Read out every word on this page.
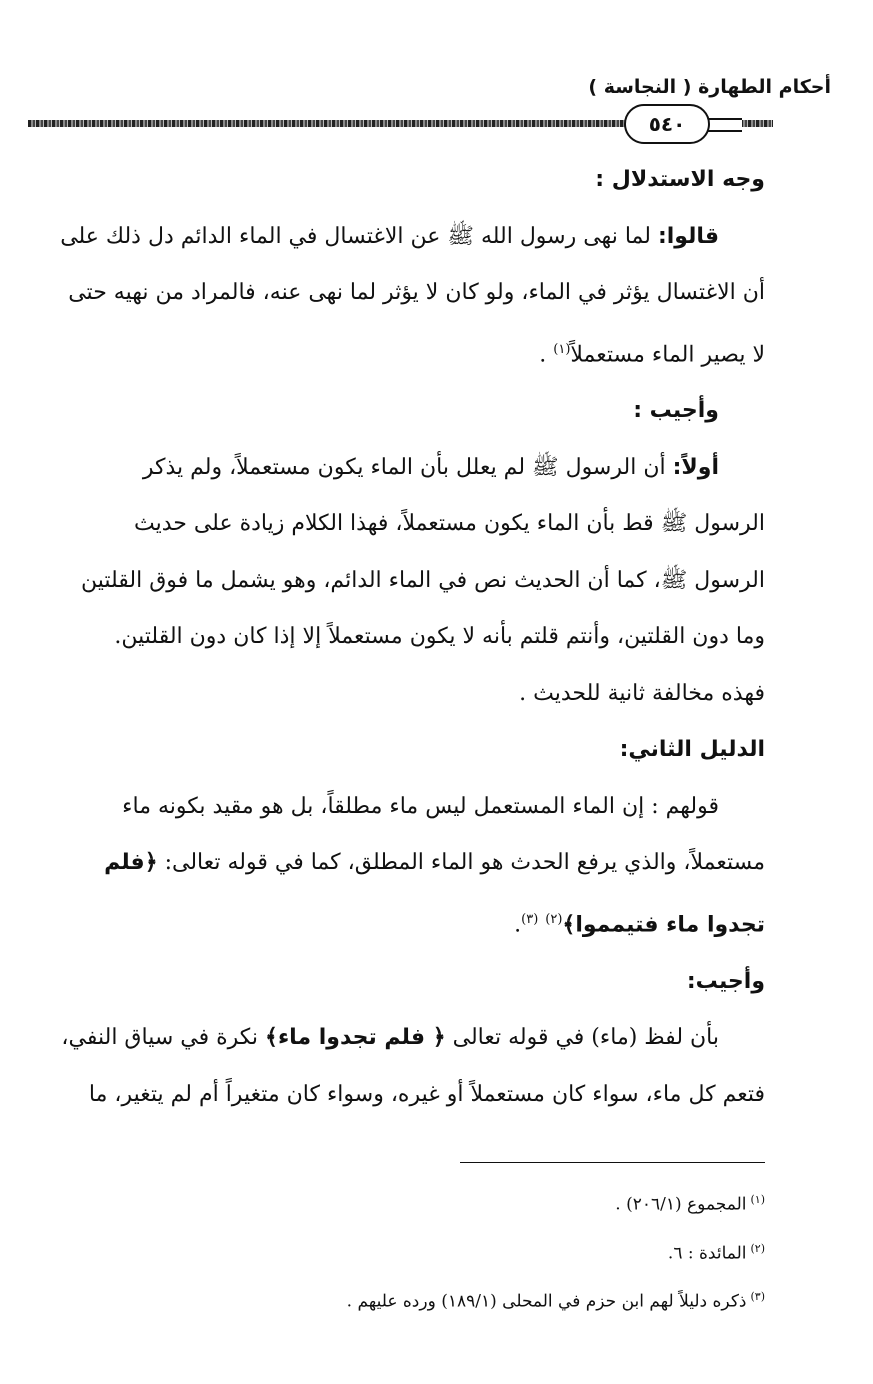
أحكام الطهارة ( النجاسة )
٥٤٠
وجه الاستدلال :
قالوا: لما نهى رسول الله ﷺ عن الاغتسال في الماء الدائم دل ذلك على
أن الاغتسال يؤثر في الماء، ولو كان لا يؤثر لما نهى عنه، فالمراد من نهيه حتى
لا يصير الماء مستعملاً$^{(١)}$ .
وأجيب :
أولاً: أن الرسول ﷺ لم يعلل بأن الماء يكون مستعملاً، ولم يذكر
الرسول ﷺ قط بأن الماء يكون مستعملاً، فهذا الكلام زيادة على حديث
الرسول ﷺ، كما أن الحديث نص في الماء الدائم، وهو يشمل ما فوق القلتين
وما دون القلتين، وأنتم قلتم بأنه لا يكون مستعملاً إلا إذا كان دون القلتين.
فهذه مخالفة ثانية للحديث .
الدليل الثاني:
قولهم : إن الماء المستعمل ليس ماء مطلقاً، بل هو مقيد بكونه ماء
مستعملاً، والذي يرفع الحدث هو الماء المطلق، كما في قوله تعالى: ﴿فلم
تجدوا ماء فتيمموا﴾$^{(٢)}$ $^{(٣)}$.
وأجيب:
بأن لفظ (ماء) في قوله تعالى ﴿ فلم تجدوا ماء﴾ نكرة في سياق النفي،
فتعم كل ماء، سواء كان مستعملاً أو غيره، وسواء كان متغيراً أم لم يتغير، ما
$^{(١)}$المجموع (٢٠٦/١) .
$^{(٢)}$المائدة : ٦.
$^{(٣)}$ذكره دليلاً لهم ابن حزم في المحلى (١٨٩/١) ورده عليهم .
